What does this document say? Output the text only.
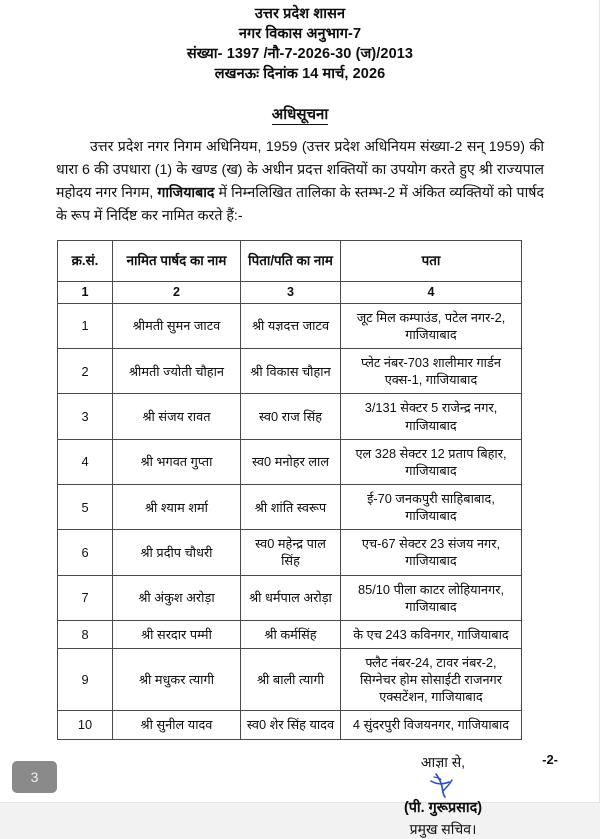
उत्तर प्रदेश शासन
नगर विकास अनुभाग-7
संख्या- 1397 /नौ-7-2026-30 (ज)/2013
लखनऊः दिनांक 14 मार्च, 2026
अधिसूचना

उत्तर प्रदेश नगर निगम अधिनियम, 1959 (उत्तर प्रदेश अधिनियम संख्या-2 सन् 1959) की धारा 6 की उपधारा (1) के खण्ड (ख) के अधीन प्रदत्त शक्तियों का उपयोग करते हुए श्री राज्यपाल महोदय नगर निगम, गाजियाबाद में निम्नलिखित तालिका के स्तम्भ-2 में अंकित व्यक्तियों को पार्षद के रूप में निर्दिष्ट कर नामित करते हैं:-

क्र.सं.	नामित पार्षद का नाम	पिता/पति का नाम	पता
1	2	3	4
1	श्रीमती सुमन जाटव	श्री यज्ञदत्त जाटव	जूट मिल कम्पाउंड, पटेल नगर-2, गाजियाबाद
2	श्रीमती ज्योती चौहान	श्री विकास चौहान	प्लेट नंबर-703 शालीमार गार्डन एक्स-1, गाजियाबाद
3	श्री संजय रावत	स्व0 राज सिंह	3/131 सेक्टर 5 राजेन्द्र नगर, गाजियाबाद
4	श्री भगवत गुप्ता	स्व0 मनोहर लाल	एल 328 सेक्टर 12 प्रताप बिहार, गाजियाबाद
5	श्री श्याम शर्मा	श्री शांति स्वरूप	ई-70 जनकपुरी साहिबाबाद, गाजियाबाद
6	श्री प्रदीप चौधरी	स्व0 महेन्द्र पाल सिंह	एच-67 सेक्टर 23 संजय नगर, गाजियाबाद
7	श्री अंकुश अरोड़ा	श्री धर्मपाल अरोड़ा	85/10 पीला काटर लोहियानगर, गाजियाबाद
8	श्री सरदार पम्मी	श्री कर्मसिंह	के एच 243 कविनगर, गाजियाबाद
9	श्री मधुकर त्यागी	श्री बाली त्यागी	फ्लैट नंबर-24, टावर नंबर-2, सिग्नेचर होम सोसाईटी राजनगर एक्सटेंशन, गाजियाबाद
10	श्री सुनील यादव	स्व0 शेर सिंह यादव	4 सुंदरपुरी विजयनगर, गाजियाबाद
आज्ञा से,
(पी. गुरूप्रसाद)
प्रमुख सचिव।
-2-
3
